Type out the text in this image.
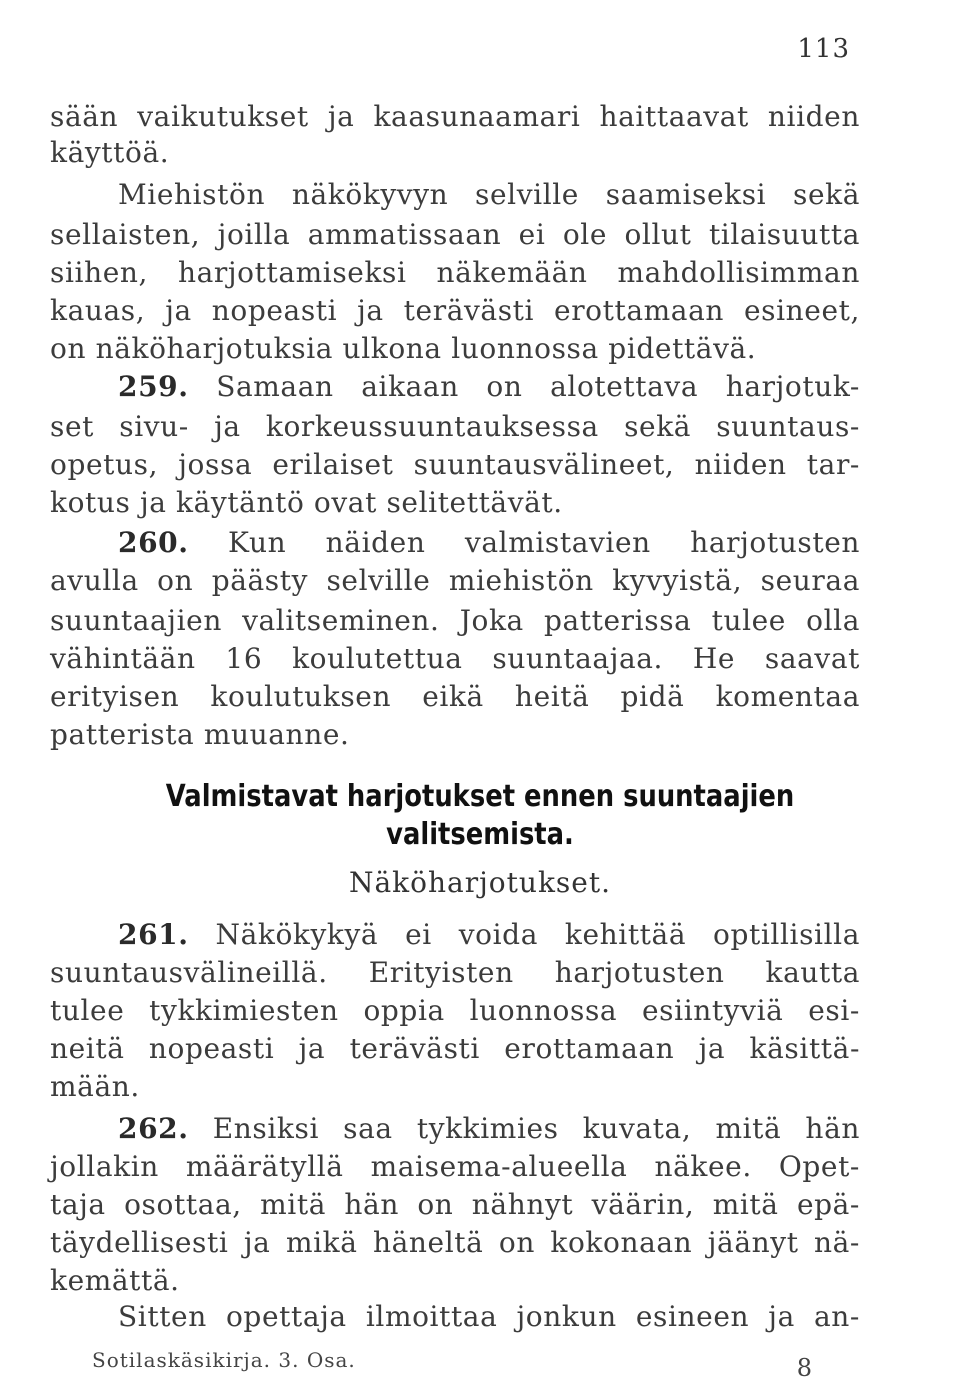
113
sään vaikutukset ja kaasunaamari haittaavat niiden
käyttöä.
Miehistön näkökyvyn selville saamiseksi sekä
sellaisten, joilla ammatissaan ei ole ollut tilaisuutta
siihen, harjottamiseksi näkemään mahdollisimman
kauas, ja nopeasti ja terävästi erottamaan esineet,
on näköharjotuksia ulkona luonnossa pidettävä.
259. Samaan aikaan on alotettava harjotuk-
set sivu- ja korkeussuuntauksessa sekä suuntaus-
opetus, jossa erilaiset suuntausvälineet, niiden tar-
kotus ja käytäntö ovat selitettävät.
260. Kun näiden valmistavien harjotusten
avulla on päästy selville miehistön kyvyistä, seuraa
suuntaajien valitseminen. Joka patterissa tulee olla
vähintään 16 koulutettua suuntaajaa. He saavat
erityisen koulutuksen eikä heitä pidä komentaa
patterista muuanne.
Valmistavat harjotukset ennen suuntaajien
valitsemista.
Näköharjotukset.
261. Näkökykyä ei voida kehittää optillisilla
suuntausvälineillä. Erityisten harjotusten kautta
tulee tykkimiesten oppia luonnossa esiintyviä esi-
neitä nopeasti ja terävästi erottamaan ja käsittä-
mään.
262. Ensiksi saa tykkimies kuvata, mitä hän
jollakin määrätyllä maisema-alueella näkee. Opet-
taja osottaa, mitä hän on nähnyt väärin, mitä epä-
täydellisesti ja mikä häneltä on kokonaan jäänyt nä-
kemättä.
Sitten opettaja ilmoittaa jonkun esineen ja an-
Sotilaskäsikirja. 3. Osa.	8
